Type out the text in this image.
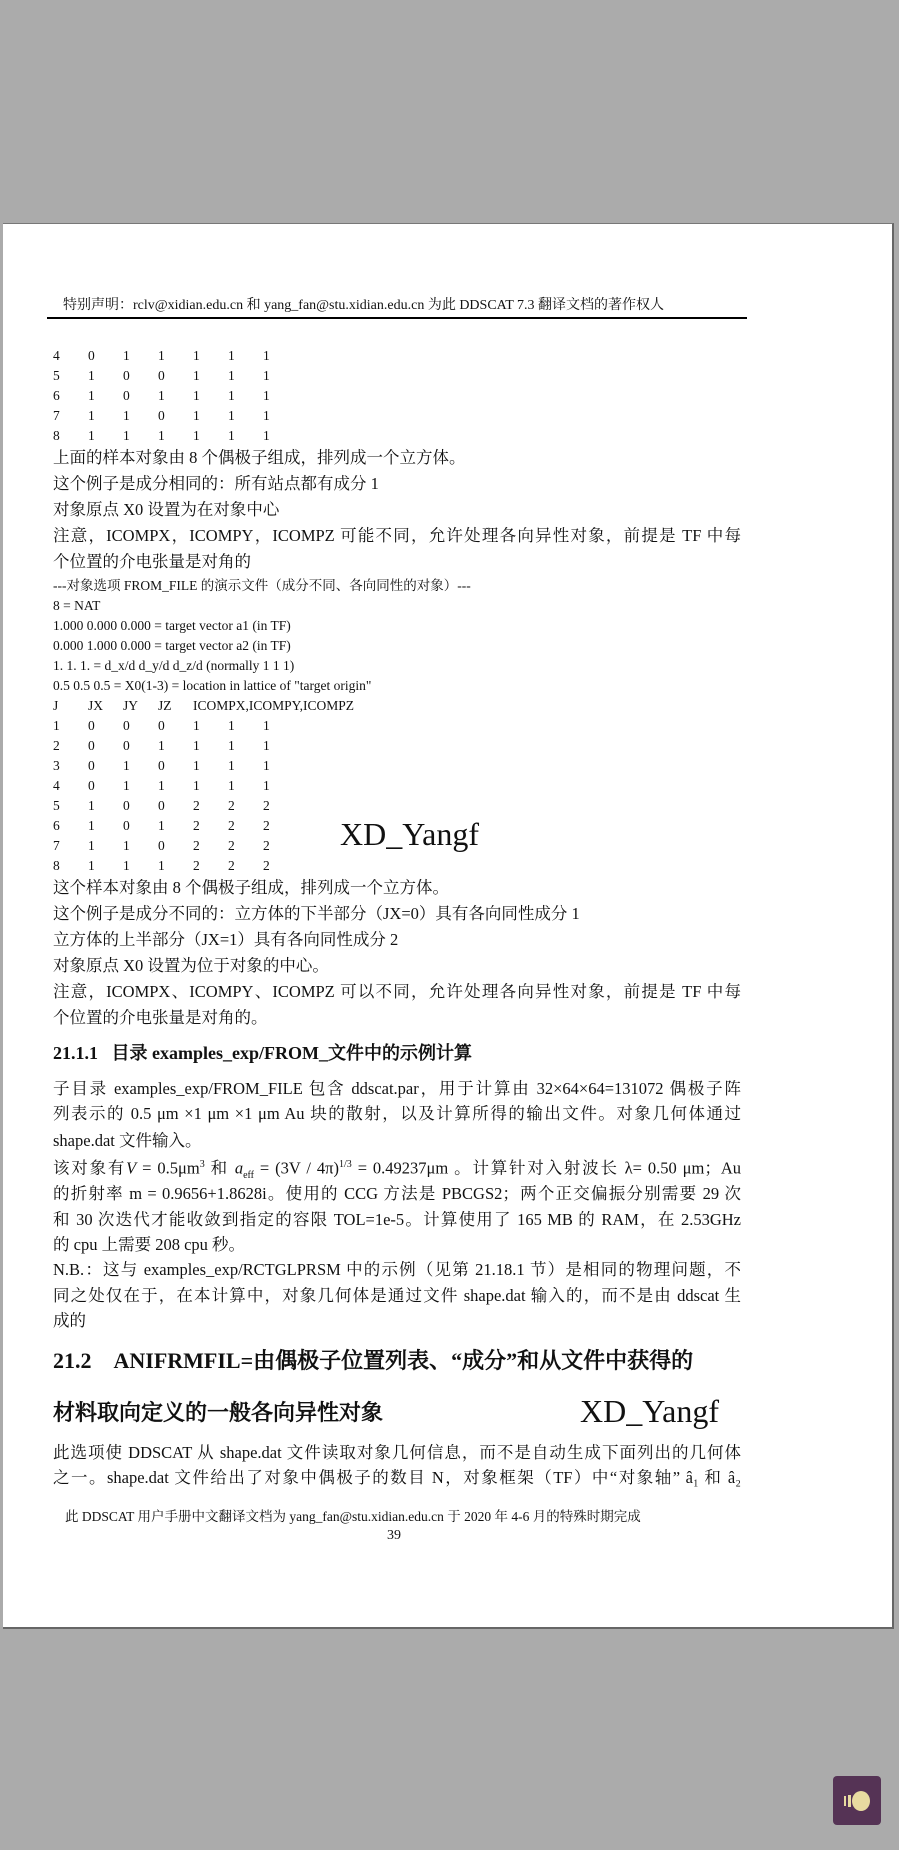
特别声明：rclv@xidian.edu.cn 和 yang_fan@stu.xidian.edu.cn 为此 DDSCAT 7.3 翻译文档的著作权人
4 0 1 1 1 1 1
5 1 0 0 1 1 1
6 1 0 1 1 1 1
7 1 1 0 1 1 1
8 1 1 1 1 1 1
上面的样本对象由 8 个偶极子组成，排列成一个立方体。
这个例子是成分相同的：所有站点都有成分 1
对象原点 X0 设置为在对象中心
注意，ICOMPX，ICOMPY，ICOMPZ 可能不同，允许处理各向异性对象，前提是 TF 中每
个位置的介电张量是对角的
---对象选项 FROM_FILE 的演示文件（成分不同、各向同性的对象）---
8 = NAT
1.000 0.000 0.000 = target vector a1 (in TF)
0.000 1.000 0.000 = target vector a2 (in TF)
1. 1. 1. = d_x/d d_y/d d_z/d (normally 1 1 1)
0.5 0.5 0.5 = X0(1-3) = location in lattice of "target origin"
J JX JY JZ ICOMPX,ICOMPY,ICOMPZ
1 0 0 0 1 1 1
2 0 0 1 1 1 1
3 0 1 0 1 1 1
4 0 1 1 1 1 1
5 1 0 0 2 2 2
6 1 0 1 2 2 2
7 1 1 0 2 2 2
8 1 1 1 2 2 2
这个样本对象由 8 个偶极子组成，排列成一个立方体。
这个例子是成分不同的：立方体的下半部分（JX=0）具有各向同性成分 1
立方体的上半部分（JX=1）具有各向同性成分 2
对象原点 X0 设置为位于对象的中心。
注意，ICOMPX、ICOMPY、ICOMPZ 可以不同，允许处理各向异性对象，前提是 TF 中每
个位置的介电张量是对角的。
21.1.1 目录 examples_exp/FROM_文件中的示例计算
子目录 examples_exp/FROM_FILE 包含 ddscat.par，用于计算由 32×64×64=131072 偶极子阵
列表示的 0.5 μm ×1 μm ×1 μm Au 块的散射，以及计算所得的输出文件。对象几何体通过
shape.dat 文件输入。
该对象有$V = 0.5\mu m^3$ 和 $a_{eff} = (3V / 4\pi)^{1/3} = 0.49237\mu m$ 。计算针对入射波长 λ= 0.50 μm；Au
的折射率 m = 0.9656+1.8628i。使用的 CCG 方法是 PBCGS2；两个正交偏振分别需要 29 次
和 30 次迭代才能收敛到指定的容限 TOL=1e-5。计算使用了 165 MB 的 RAM，在 2.53GHz
的 cpu 上需要 208 cpu 秒。
N.B.：这与 examples_exp/RCTGLPRSM 中的示例（见第 21.18.1 节）是相同的物理问题，不
同之处仅在于，在本计算中，对象几何体是通过文件 shape.dat 输入的，而不是由 ddscat 生
成的
21.2 ANIFRMFIL=由偶极子位置列表、“成分”和从文件中获得的
材料取向定义的一般各向异性对象
此选项使 DDSCAT 从 shape.dat 文件读取对象几何信息，而不是自动生成下面列出的几何体
之一。shape.dat 文件给出了对象中偶极子的数目 N，对象框架（TF）中“对象轴” â₁ 和 â₂
此 DDSCAT 用户手册中文翻译文档为 yang_fan@stu.xidian.edu.cn 于 2020 年 4-6 月的特殊时期完成
39
XD_Yangf
XD_Yangf
